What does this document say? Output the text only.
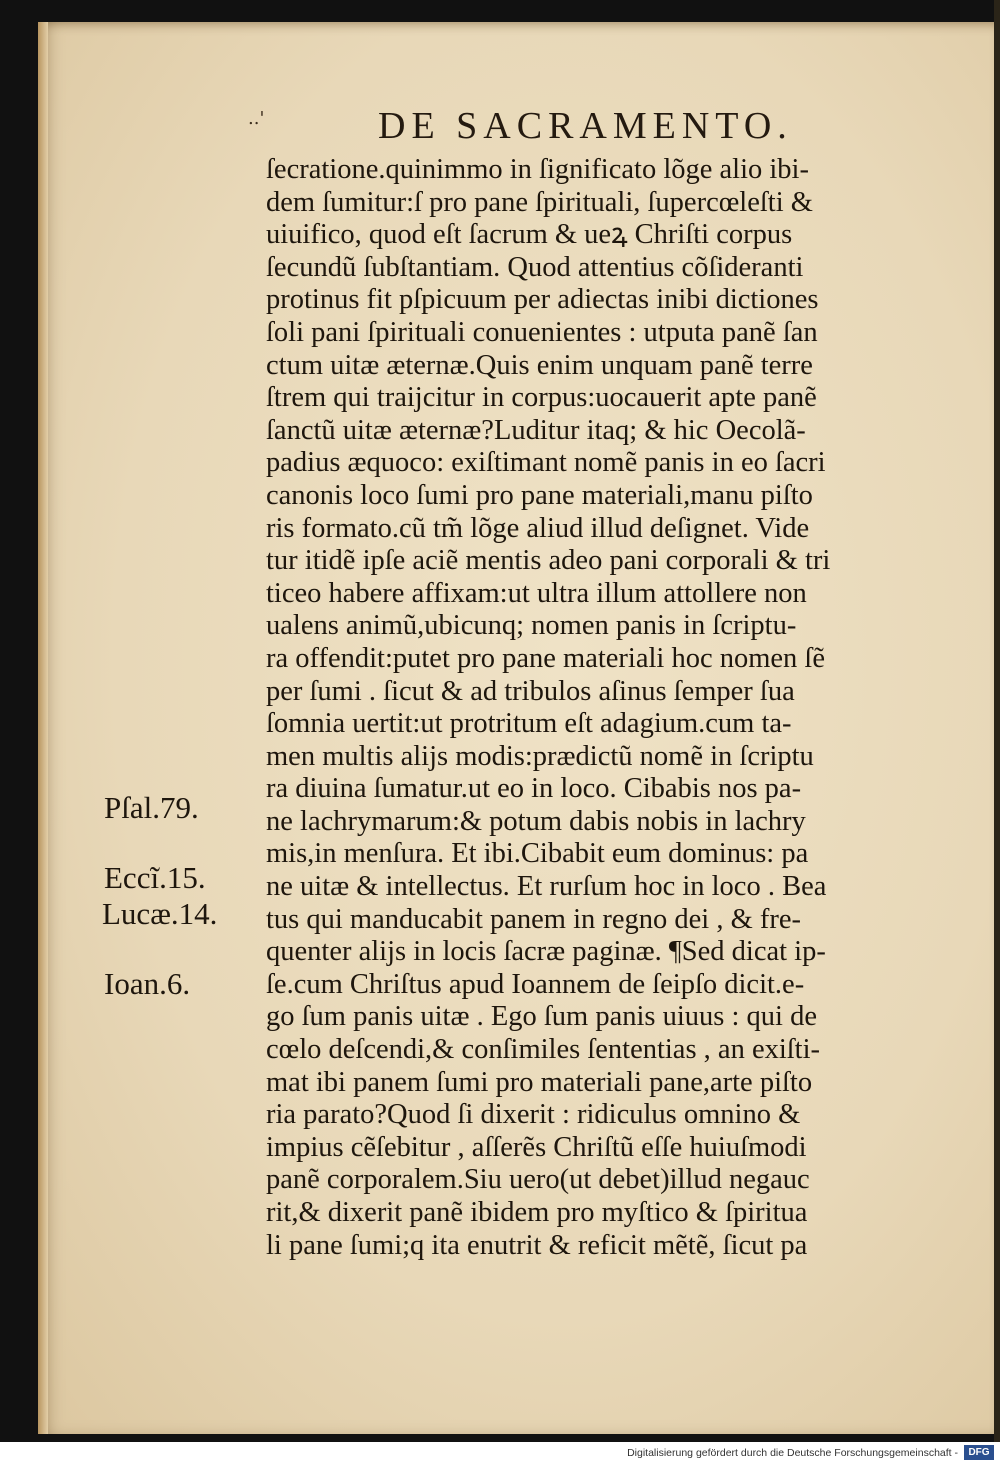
..'	DE SACRAMENTO.
ſecratione.quinimmo in ſignificato lõge alio ibi-
dem ſumitur:ſ pro pane ſpirituali, ſupercœleſti &
uiuifico, quod eſt ſacrum & ueꝝ Chriſti corpus
ſecundũ ſubſtantiam. Quod attentius cõſideranti
protinus fit pſpicuum per adiectas inibi dictiones
ſoli pani ſpirituali conuenientes : utputa panẽ ſan
ctum uitæ æternæ.Quis enim unquam panẽ terre
ſtrem qui traijcitur in corpus:uocauerit apte panẽ
ſanctũ uitæ æternæ?Luditur itaq; & hic Oecolã-
padius æquoco: exiſtimant nomẽ panis in eo ſacri
canonis loco ſumi pro pane materiali,manu piſto
ris formato.cũ tm̃ lõge aliud illud deſignet. Vide
tur itidẽ ipſe aciẽ mentis adeo pani corporali & tri
ticeo habere affixam:ut ultra illum attollere non
ualens animũ,ubicunq; nomen panis in ſcriptu-
ra offendit:putet pro pane materiali hoc nomen ſẽ
per ſumi . ſicut & ad tribulos aſinus ſemper ſua
ſomnia uertit:ut protritum eſt adagium.cum ta-
men multis alijs modis:prædictũ nomẽ in ſcriptu
ra diuina ſumatur.ut eo in loco. Cibabis nos pa-
ne lachrymarum:& potum dabis nobis in lachry
mis,in menſura. Et ibi.Cibabit eum dominus: pa
ne uitæ & intellectus. Et rurſum hoc in loco . Bea
tus qui manducabit panem in regno dei , & fre-
quenter alijs in locis ſacræ paginæ. ¶Sed dicat ip-
ſe.cum Chriſtus apud Ioannem de ſeipſo dicit.e-
go ſum panis uitæ . Ego ſum panis uiuus : qui de
cœlo deſcendi,& conſimiles ſententias , an exiſti-
mat ibi panem ſumi pro materiali pane,arte piſto
ria parato?Quod ſi dixerit : ridiculus omnino &
impius cẽſebitur , aſſerẽs Chriſtũ eſſe huiuſmodi
panẽ corporalem.Siu uero(ut debet)illud negauc
rit,& dixerit panẽ ibidem pro myſtico & ſpiritua
li pane ſumi;q ita enutrit & reficit mẽtẽ, ſicut pa
Pſal.79.
Eccĩ.15.
Lucæ.14.
Ioan.6.
Digitalisierung gefördert durch die Deutsche Forschungsgemeinschaft -	DFG
